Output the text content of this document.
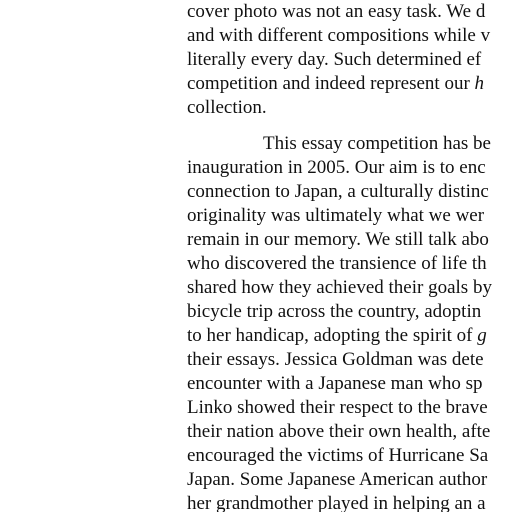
cover photo was not an easy task. We d
and with different compositions while v
literally every day. Such determined ef
competition and indeed represent our h
collection.
This essay competition has be
inauguration in 2005. Our aim is to enc
connection to Japan, a culturally distinc
originality was ultimately what we wer
remain in our memory. We still talk abo
who discovered the transience of life th
shared how they achieved their goals by
bicycle trip across the country, adoptin
to her handicap, adopting the spirit of g
their essays. Jessica Goldman was dete
encounter with a Japanese man who sp
Linko showed their respect to the brave
their nation above their own health, afte
encouraged the victims of Hurricane Sa
Japan. Some Japanese American author
her grandmother played in helping an a
